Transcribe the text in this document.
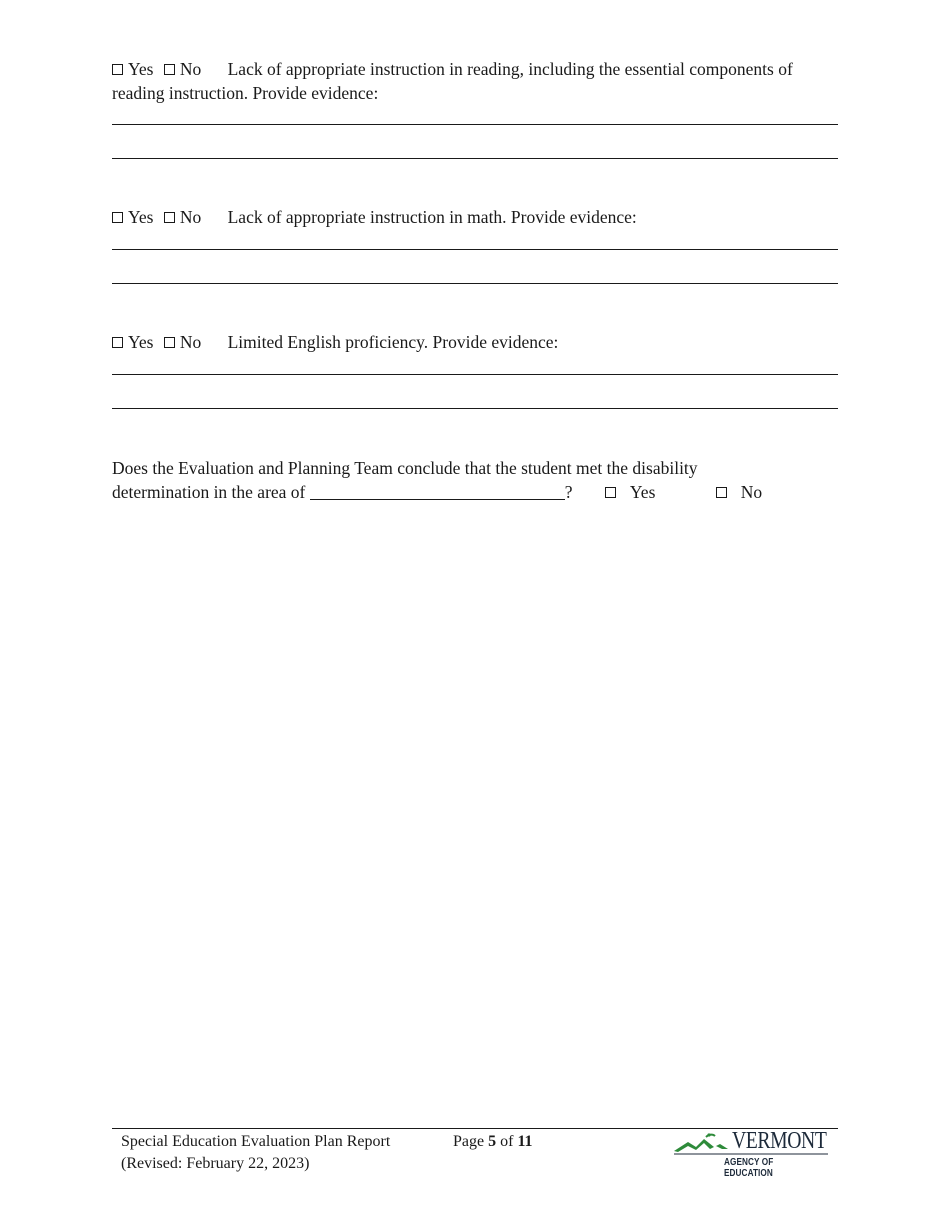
Yes No Lack of appropriate instruction in reading, including the essential components of reading instruction. Provide evidence:
Yes No Lack of appropriate instruction in math. Provide evidence:
Yes No Limited English proficiency. Provide evidence:
Does the Evaluation and Planning Team conclude that the student met the disability
determination in the area of	?	Yes	No
Special Education Evaluation Plan Report
(Revised: February 22, 2023)
Page 5 of 11	VERMONT
AGENCY OF EDUCATION
